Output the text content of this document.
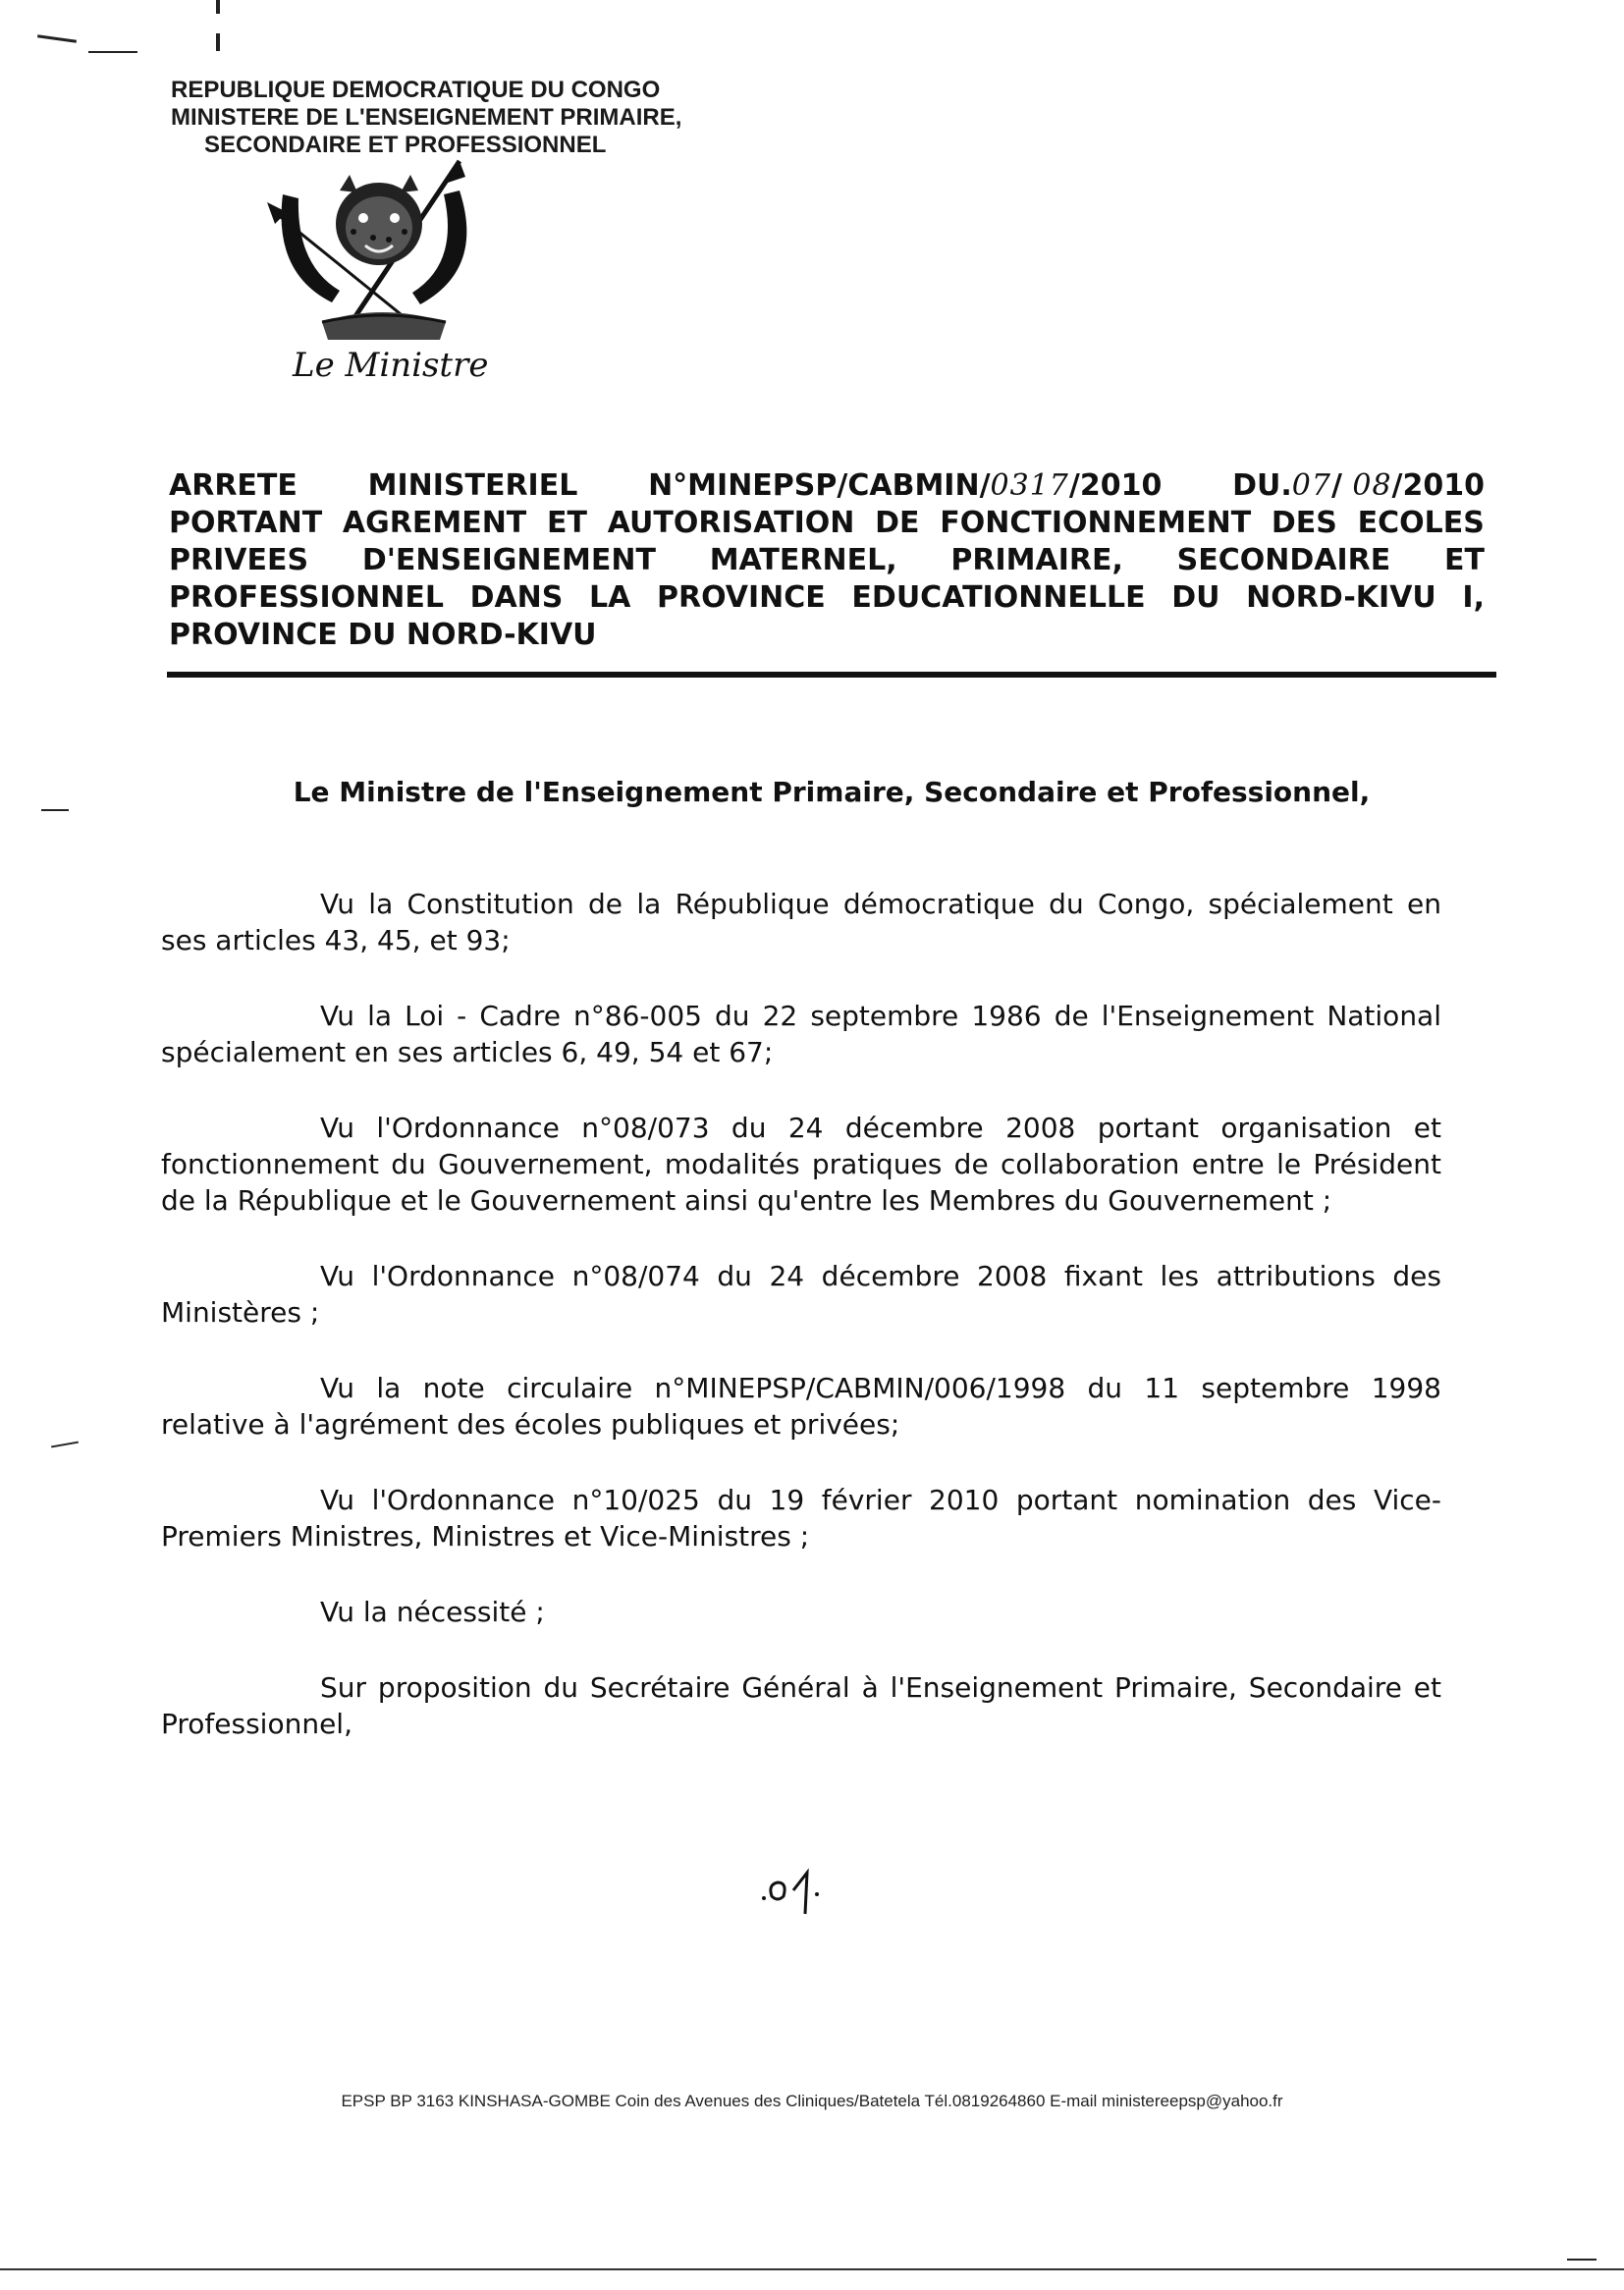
REPUBLIQUE DEMOCRATIQUE DU CONGO
MINISTERE DE L'ENSEIGNEMENT PRIMAIRE,
SECONDAIRE ET PROFESSIONNEL
Le Ministre
ARRETE MINISTERIEL N°MINEPSP/CABMIN/0317/2010 DU.07/ 08/2010
PORTANT AGREMENT ET AUTORISATION DE FONCTIONNEMENT DES ECOLES
PRIVEES D'ENSEIGNEMENT MATERNEL, PRIMAIRE, SECONDAIRE ET
PROFESSIONNEL DANS LA PROVINCE EDUCATIONNELLE DU NORD-KIVU I,
PROVINCE DU NORD-KIVU
Le Ministre de l'Enseignement Primaire, Secondaire et Professionnel,

Vu la Constitution de la République démocratique du Congo, spécialement en ses articles 43, 45, et 93;

Vu la Loi - Cadre n°86-005 du 22 septembre 1986 de l'Enseignement National spécialement en ses articles 6, 49, 54 et 67;

Vu l'Ordonnance n°08/073 du 24 décembre 2008 portant organisation et fonctionnement du Gouvernement, modalités pratiques de collaboration entre le Président de la République et le Gouvernement ainsi qu'entre les Membres du Gouvernement ;

Vu l'Ordonnance n°08/074 du 24 décembre 2008 fixant les attributions des Ministères ;

Vu la note circulaire n°MINEPSP/CABMIN/006/1998 du 11 septembre 1998 relative à l'agrément des écoles publiques et privées;

Vu l'Ordonnance n°10/025 du 19 février 2010 portant nomination des Vice-Premiers Ministres, Ministres et Vice-Ministres ;

Vu la nécessité ;

Sur proposition du Secrétaire Général à l'Enseignement Primaire, Secondaire et Professionnel,

EPSP BP 3163 KINSHASA-GOMBE Coin des Avenues des Cliniques/Batetela Tél.0819264860 E-mail ministereepsp@yahoo.fr
